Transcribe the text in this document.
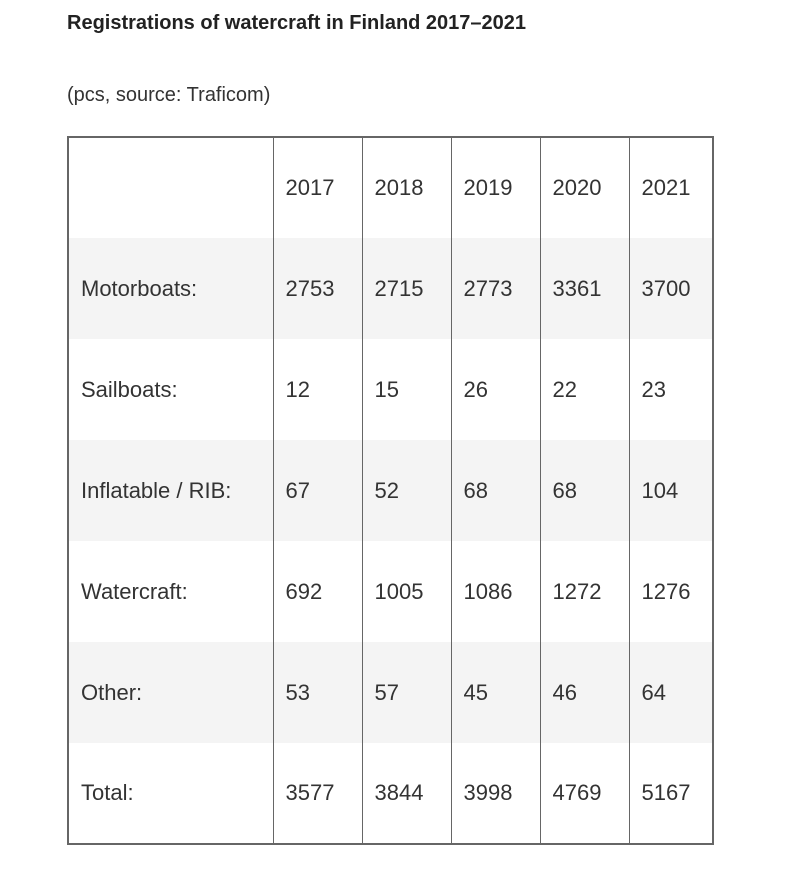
Registrations of watercraft in Finland 2017–2021

(pcs, source: Traficom)

	2017	2018	2019	2020	2021
Motorboats:	2753	2715	2773	3361	3700
Sailboats:	12	15	26	22	23
Inflatable / RIB:	67	52	68	68	104
Watercraft:	692	1005	1086	1272	1276
Other:	53	57	45	46	64
Total:	3577	3844	3998	4769	5167
